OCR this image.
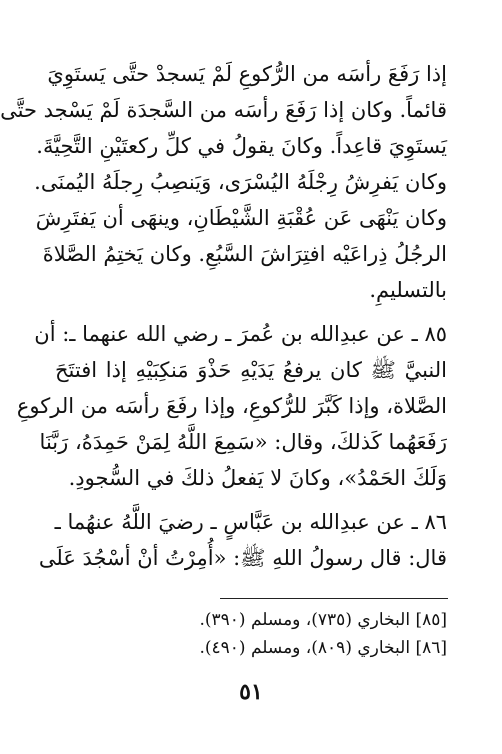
إذا رَفَعَ رأسَه من الرُّكوعِ لَمْ يَسجدْ حتَّى يَستَوِيَ
قائماً. وكان إذا رَفَعَ رأسَه من السَّجدَة لَمْ يَسْجد حتَّى
يَستَوِيَ قاعِداً. وكانَ يقولُ في كلِّ ركعتَيْنِ التَّحِيَّةَ.
وكان يَفرِشُ رِجْلَهُ اليُسْرَى، وَيَنصِبُ رِجلَهُ اليُمنَى.
وكان يَنْهَى عَن عُقْبَةِ الشَّيْطَانِ، وينهَى أن يَفتَرِشَ
الرجُلُ ذِراعَيْه افتِرَاشَ السَّبُعِ. وكان يَختِمُ الصَّلاةَ
بالتسليمِ.
٨٥ ـ عن عبدِالله بن عُمرَ ـ رضي الله عنهما ـ: أن
النبيَّ ﷺ كان يرفعُ يَدَيْهِ حَذْوَ مَنكِبَيْهِ إذا افتتَحَ
الصَّلاة، وإذا كَبَّرَ للرُّكوعِ، وإذا رفَعَ رأسَه من الركوعِ
رَفَعَهُما كَذلكَ، وقال: «سَمِعَ اللَّهُ لِمَنْ حَمِدَهُ، رَبَّنَا
وَلَكَ الحَمْدُ»، وكانَ لا يَفعلُ ذلكَ في السُّجودِ.
٨٦ ـ عن عبدِالله بن عَبَّاسٍ ـ رضيَ اللَّهُ عنهُما ـ
قال: قال رسولُ اللهِ ﷺ: «أُمِرْتُ أنْ أسْجُدَ عَلَى
[٨٥] البخاري (٧٣٥)، ومسلم (٣٩٠).
[٨٦] البخاري (٨٠٩)، ومسلم (٤٩٠).
٥١
